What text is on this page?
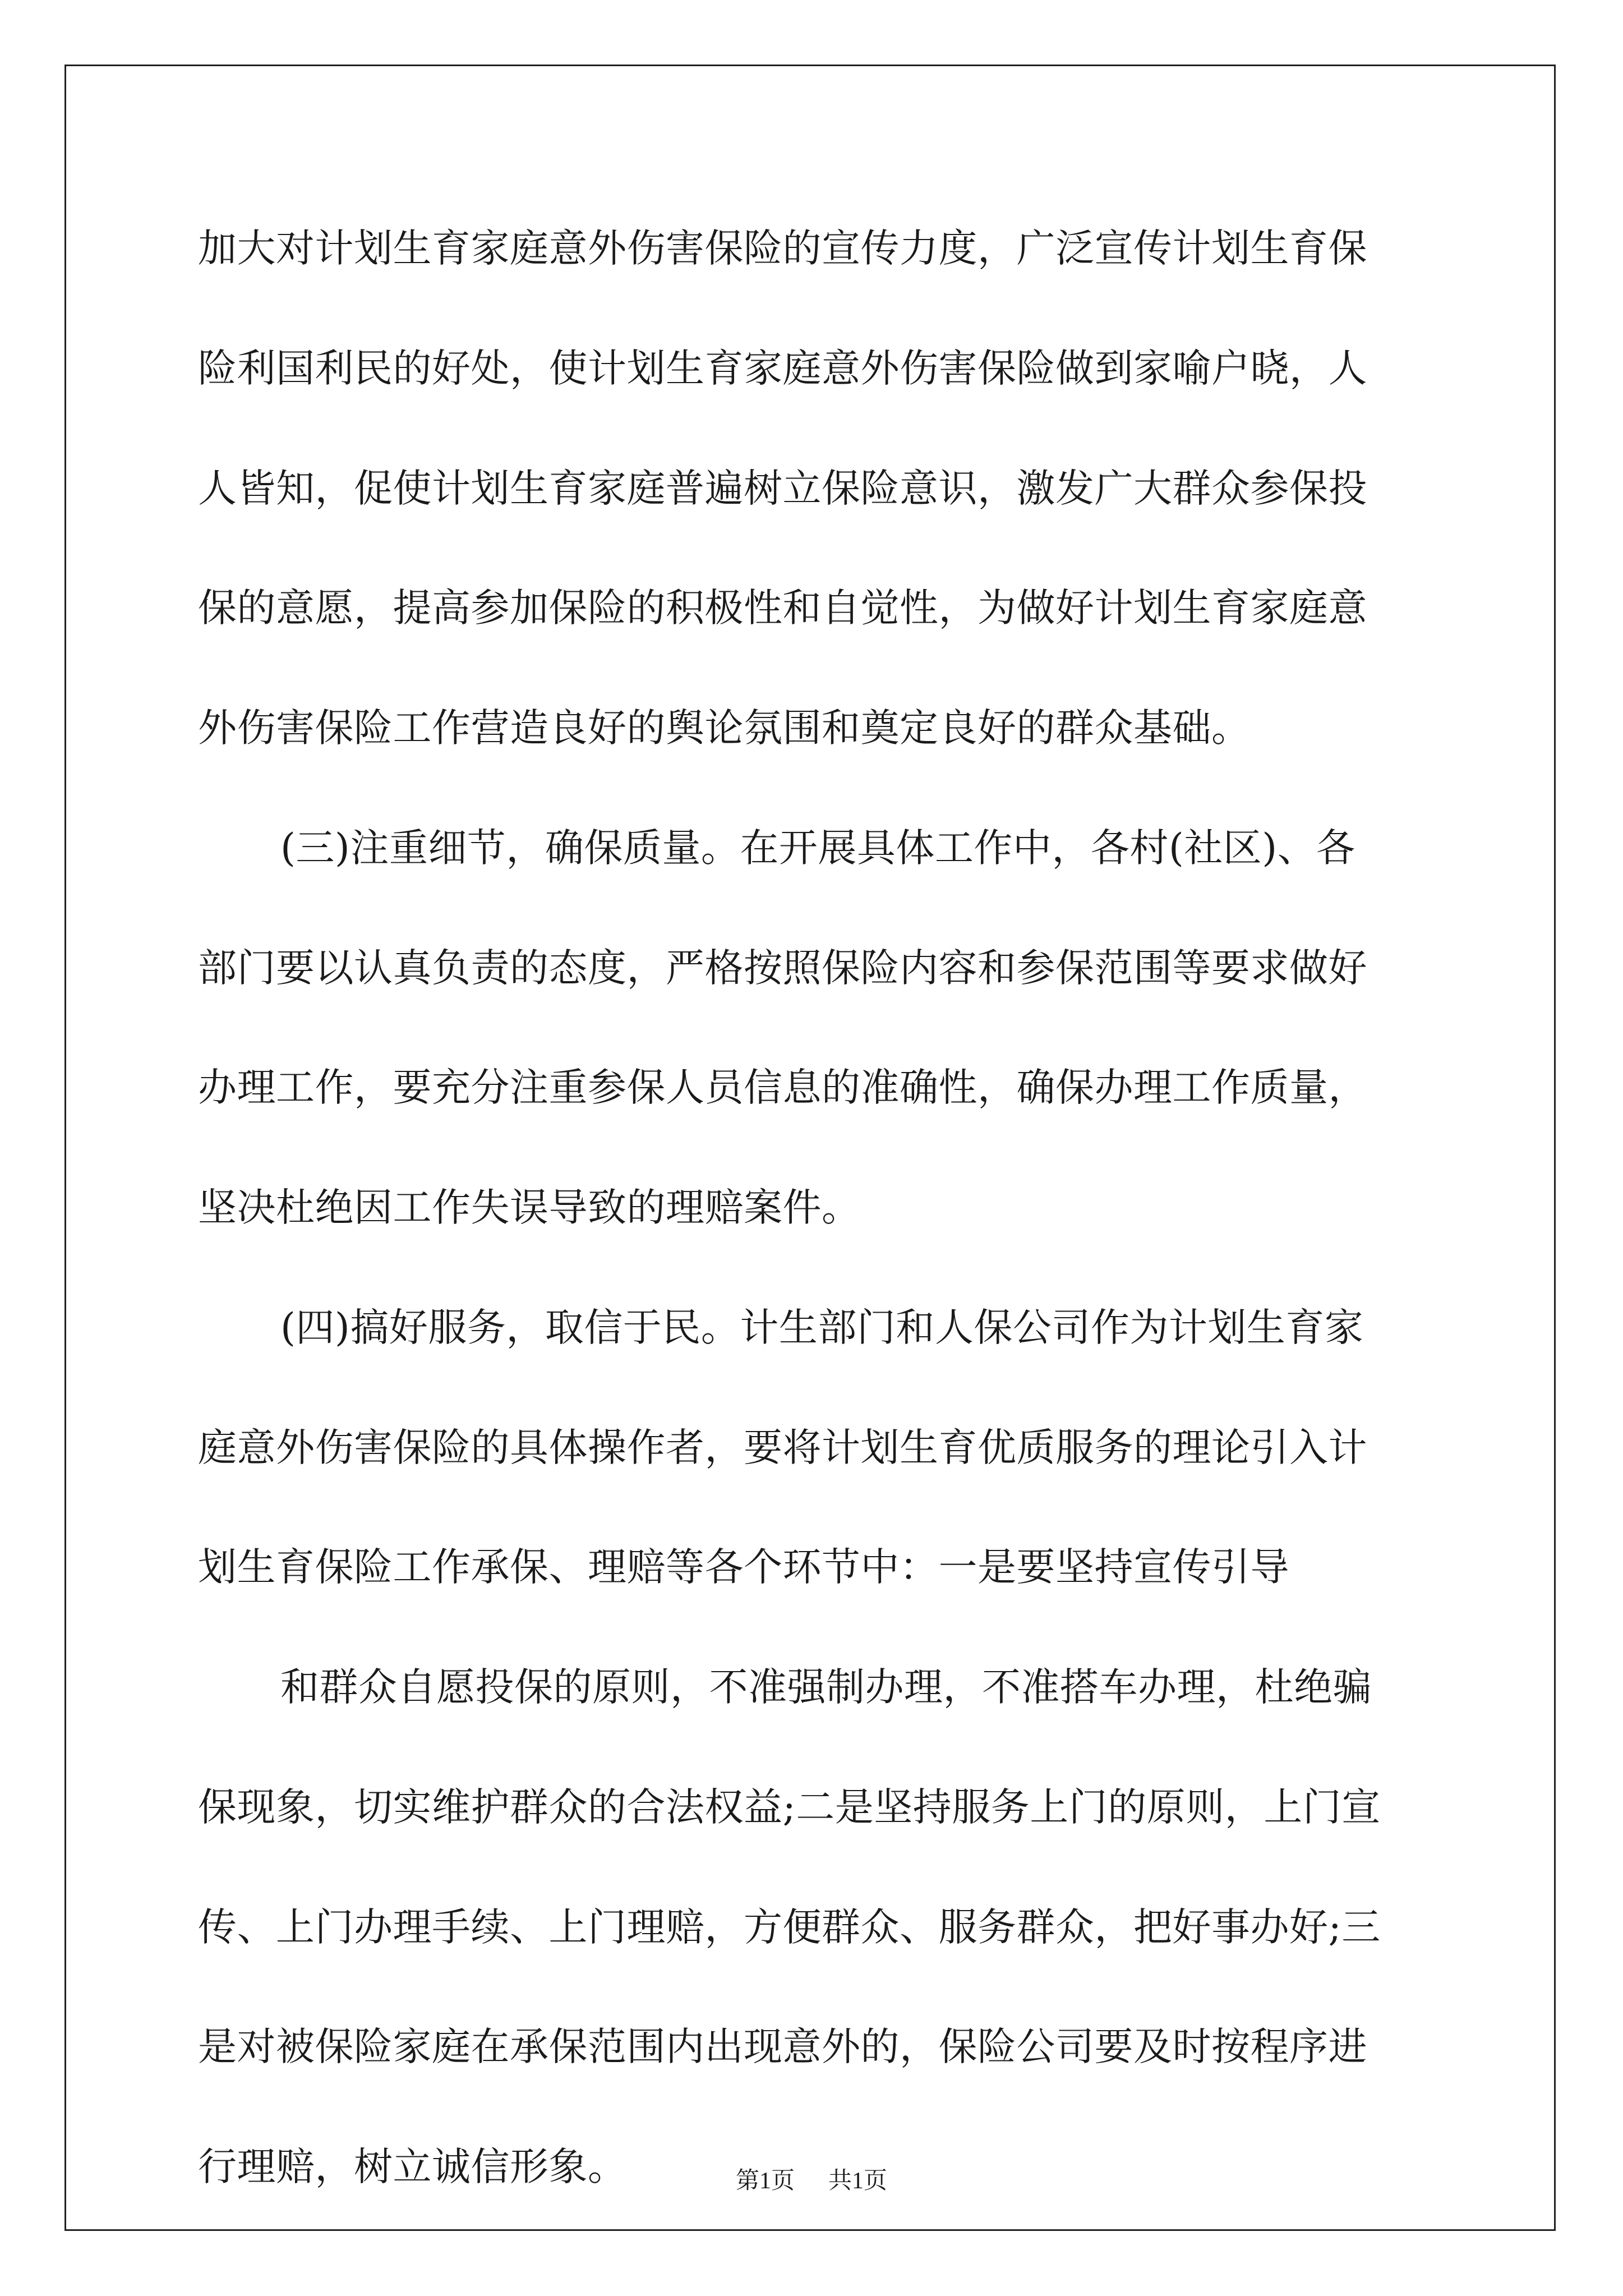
加大对计划生育家庭意外伤害保险的宣传力度，广泛宣传计划生育保
险利国利民的好处，使计划生育家庭意外伤害保险做到家喻户晓，人
人皆知，促使计划生育家庭普遍树立保险意识，激发广大群众参保投
保的意愿，提高参加保险的积极性和自觉性，为做好计划生育家庭意
外伤害保险工作营造良好的舆论氛围和奠定良好的群众基础。
(三)注重细节，确保质量。在开展具体工作中，各村(社区)、各
部门要以认真负责的态度，严格按照保险内容和参保范围等要求做好
办理工作，要充分注重参保人员信息的准确性，确保办理工作质量，
坚决杜绝因工作失误导致的理赔案件。
(四)搞好服务，取信于民。计生部门和人保公司作为计划生育家
庭意外伤害保险的具体操作者，要将计划生育优质服务的理论引入计
划生育保险工作承保、理赔等各个环节中：一是要坚持宣传引导
和群众自愿投保的原则，不准强制办理，不准搭车办理，杜绝骗
保现象，切实维护群众的合法权益;二是坚持服务上门的原则，上门宣
传、上门办理手续、上门理赔，方便群众、服务群众，把好事办好;三
是对被保险家庭在承保范围内出现意外的，保险公司要及时按程序进
行理赔，树立诚信形象。	第1页 共1页
